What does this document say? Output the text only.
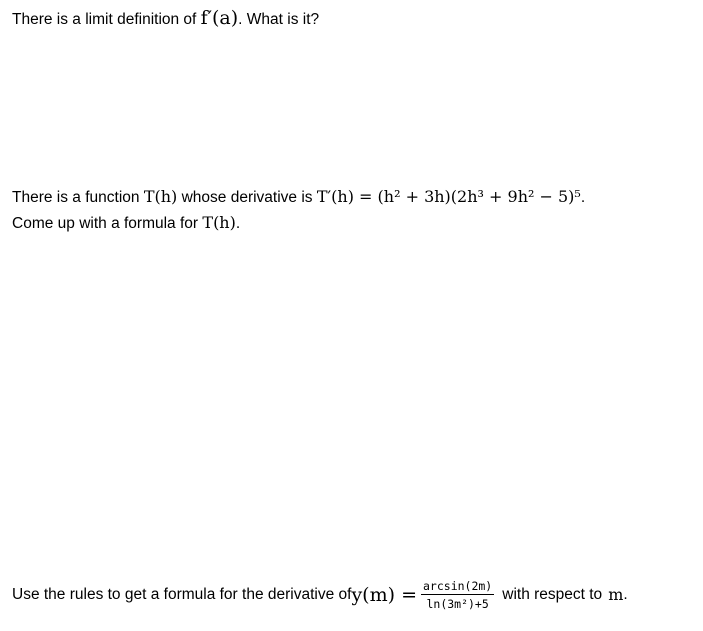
There is a limit definition of f′(a). What is it?
There is a function T(h) whose derivative is T′(h) = (h² + 3h)(2h³ + 9h² − 5)⁵.
Come up with a formula for T(h).
Use the rules to get a formula for the derivative of $y(m) = \frac{\arcsin(2m)}{\text{ln(3m²)+5}}$ with respect to m .
